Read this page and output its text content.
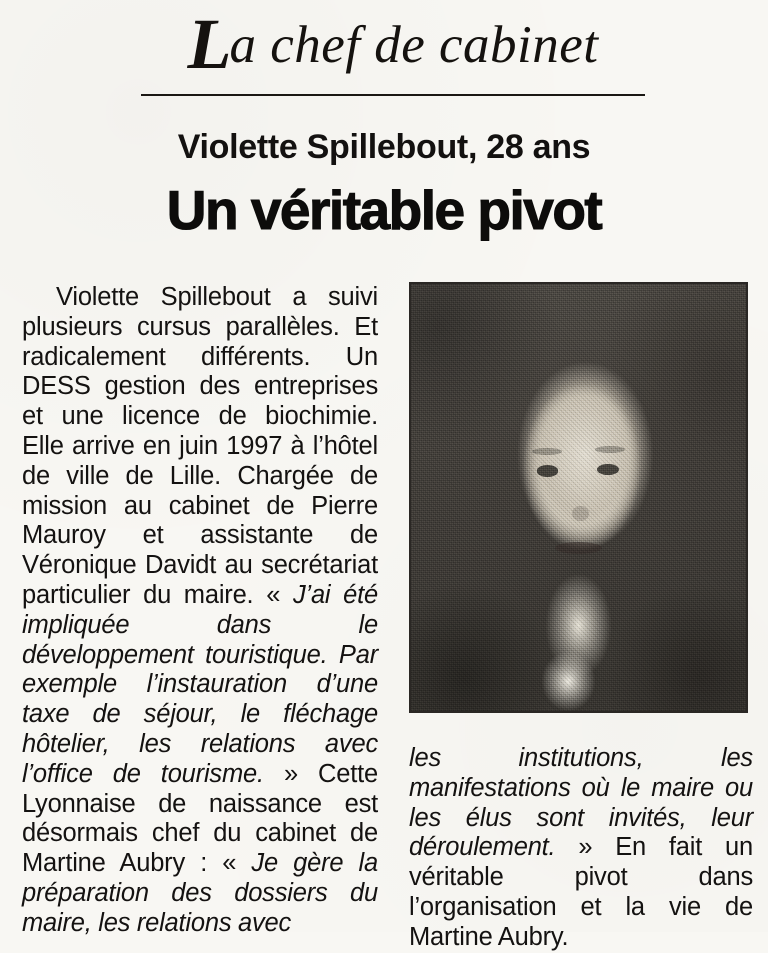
La chef de cabinet
Violette Spillebout, 28 ans
Un véritable pivot

Violette Spillebout a suivi plusieurs cursus parallèles. Et radicalement différents. Un DESS gestion des entreprises et une licence de biochimie. Elle arrive en juin 1997 à l’hôtel de ville de Lille. Chargée de mission au cabinet de Pierre Mauroy et assistante de Véronique Davidt au secrétariat particulier du maire. « J’ai été impliquée dans le développement touristique. Par exemple l’instauration d’une taxe de séjour, le fléchage hôtelier, les relations avec l’office de tourisme. » Cette Lyonnaise de naissance est désormais chef du cabinet de Martine Aubry : « Je gère la préparation des dossiers du maire, les relations avec

les institutions, les manifestations où le maire ou les élus sont invités, leur déroulement. » En fait un véritable pivot dans l’organisation et la vie de Martine Aubry.
